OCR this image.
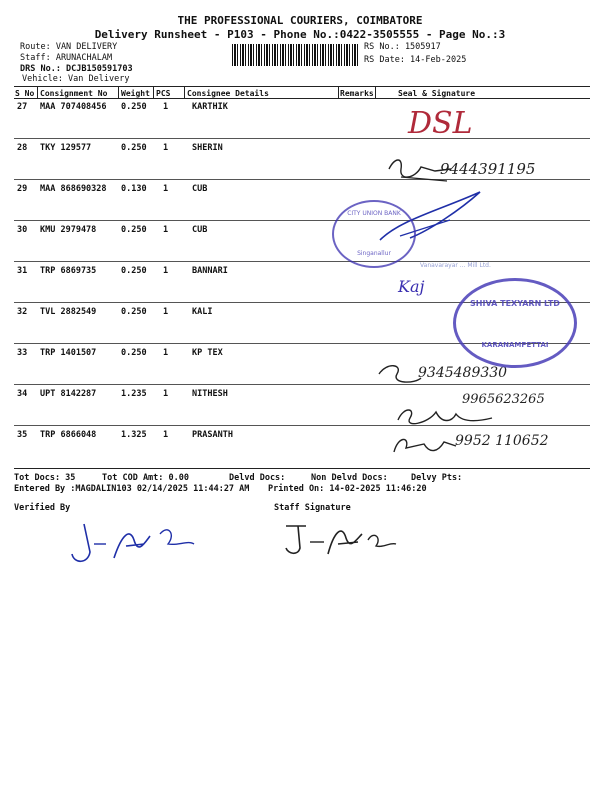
THE PROFESSIONAL COURIERS, COIMBATORE
Delivery Runsheet - P103 - Phone No.:0422-3505555 - Page No.:3
Route: VAN DELIVERY
Staff: ARUNACHALAM
DRS No.: DCJB150591703
Vehicle: Van Delivery
RS No.: 1505917
RS Date: 14-Feb-2025
S No Consignment No Weight PCS Consignee Details	Remarks	Seal & Signature
27 MAA 707408456 0.250 1	KARTHIK
28 TKY 129577	0.250 1	SHERIN
29 MAA 868690328 0.130 1	CUB
30 KMU 2979478	0.250 1	CUB
31 TRP 6869735	0.250 1	BANNARI
32 TVL 2882549	0.250 1	KALI
33 TRP 1401507	0.250 1	KP TEX
34 UPT 8142287	1.235 1	NITHESH
35 TRP 6866048	1.325 1	PRASANTH
DSL
9444391195
Kaj
9345489330
9965623265
9952 110652
CITY UNION BANK
Singanallur
Vanavarayar ... Mill Ltd.
SHIVA TEXYARN LTD
KARANAMPETTAI
Tot Docs: 35	Tot COD Amt: 0.00	Delvd Docs:	Non Delvd Docs:	Delvy Pts:
Entered By :MAGDALIN103 02/14/2025 11:44:27 AM Printed On: 14-02-2025 11:46:20
Verified By	Staff Signature
